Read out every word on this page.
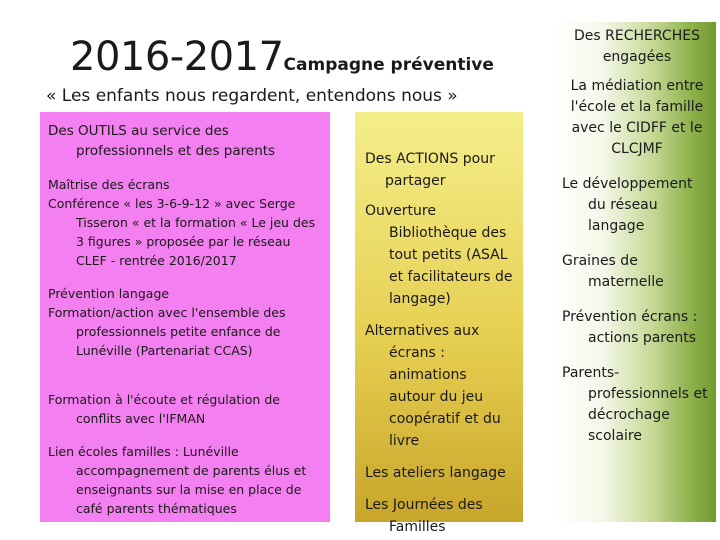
2016-2017Campagne préventive
« Les enfants nous regardent, entendons nous »
Des OUTILS au service des professionnels et des parents
Maîtrise des écrans
Conférence « les 3-6-9-12 » avec Serge Tisseron « et la formation « Le jeu des 3 figures » proposée par le réseau CLEF - rentrée 2016/2017
Prévention langage
Formation/action avec l'ensemble des professionnels petite enfance de Lunéville (Partenariat CCAS)
Formation à l'écoute et régulation de conflits avec l'IFMAN
Lien écoles familles : Lunéville accompagnement de parents élus et enseignants sur la mise en place de café parents thématiques
Des ACTIONS pour partager
Ouverture Bibliothèque des tout petits (ASAL et facilitateurs de langage)
Alternatives aux écrans : animations autour du jeu coopératif et du livre
Les ateliers langage
Les Journées des Familles
Des RECHERCHES engagées
La médiation entre l'école et la famille avec le CIDFF et le CLCJMF
Le développement du réseau langage
Graines de maternelle
Prévention écrans : actions parents
Parents-professionnels et décrochage scolaire
